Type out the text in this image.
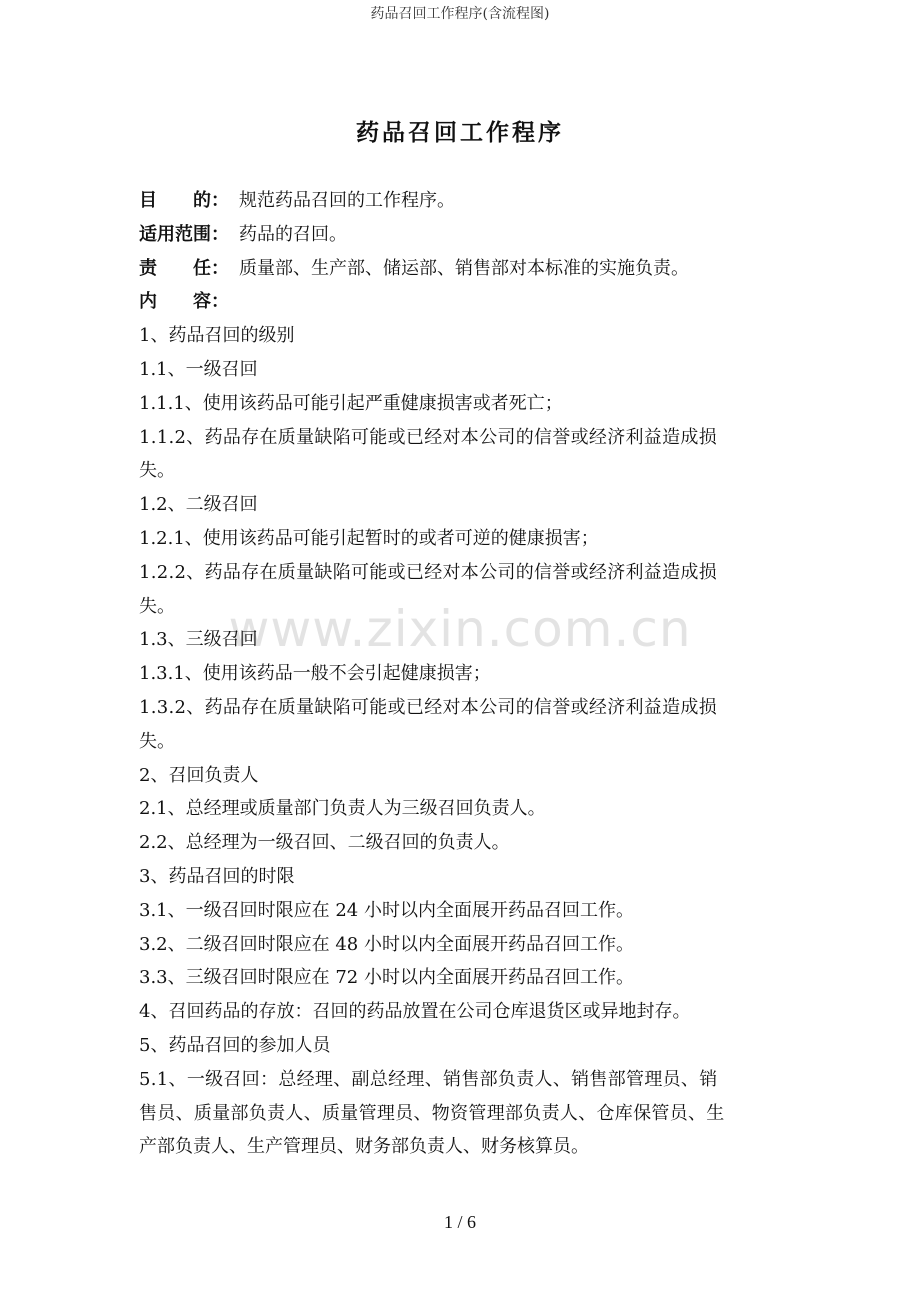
药品召回工作程序(含流程图)
www.zixin.com.cn
药品召回工作程序
目　　的： 规范药品召回的工作程序。
适用范围： 药品的召回。
责　　任： 质量部、生产部、储运部、销售部对本标准的实施负责。
内　　容：
1、药品召回的级别
1.1、一级召回
1.1.1、使用该药品可能引起严重健康损害或者死亡；
1.1.2、药品存在质量缺陷可能或已经对本公司的信誉或经济利益造成损
失。
1.2、二级召回
1.2.1、使用该药品可能引起暂时的或者可逆的健康损害；
1.2.2、药品存在质量缺陷可能或已经对本公司的信誉或经济利益造成损
失。
1.3、三级召回
1.3.1、使用该药品一般不会引起健康损害；
1.3.2、药品存在质量缺陷可能或已经对本公司的信誉或经济利益造成损
失。
2、召回负责人
2.1、总经理或质量部门负责人为三级召回负责人。
2.2、总经理为一级召回、二级召回的负责人。
3、药品召回的时限
3.1、一级召回时限应在 24 小时以内全面展开药品召回工作。
3.2、二级召回时限应在 48 小时以内全面展开药品召回工作。
3.3、三级召回时限应在 72 小时以内全面展开药品召回工作。
4、召回药品的存放：召回的药品放置在公司仓库退货区或异地封存。
5、药品召回的参加人员
5.1、一级召回：总经理、副总经理、销售部负责人、销售部管理员、销
售员、质量部负责人、质量管理员、物资管理部负责人、仓库保管员、生
产部负责人、生产管理员、财务部负责人、财务核算员。
1 / 6
